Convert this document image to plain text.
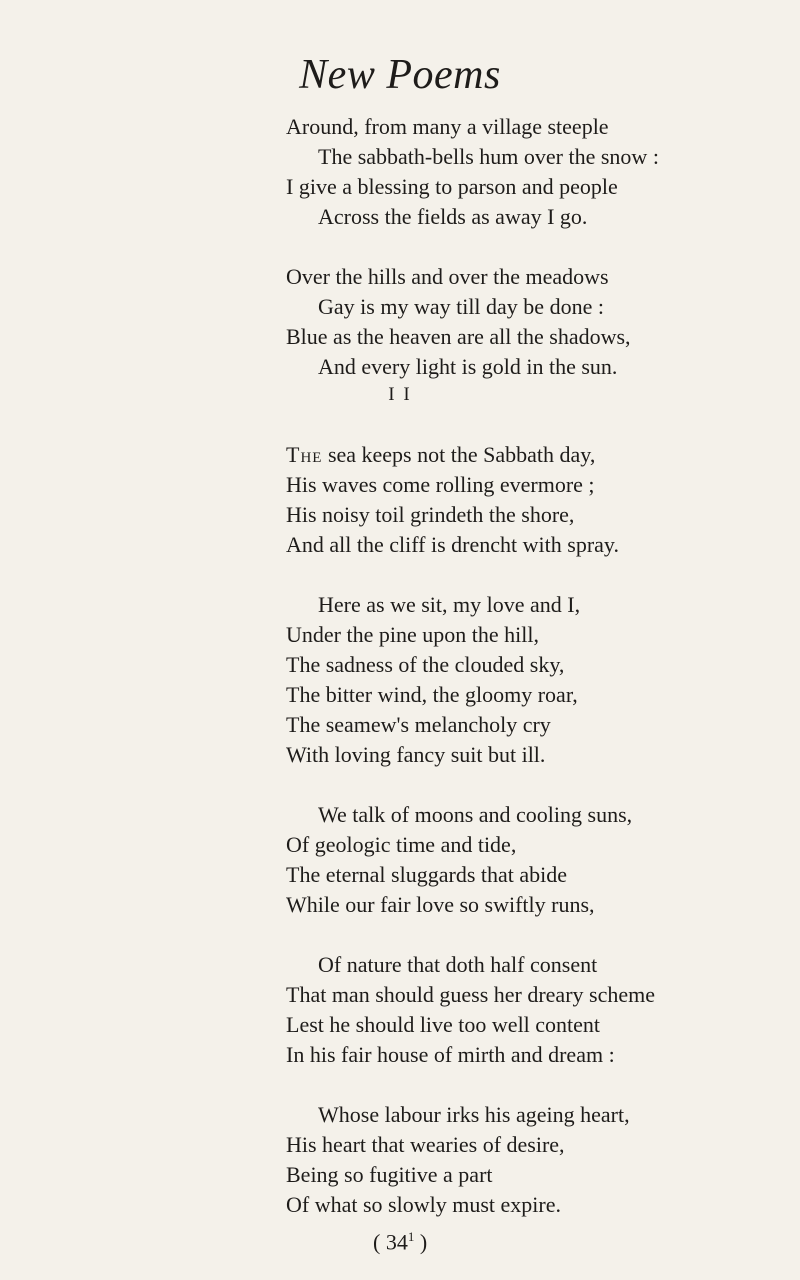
New Poems
Around, from many a village steeple
The sabbath-bells hum over the snow :
I give a blessing to parson and people
Across the fields as away I go.
Over the hills and over the meadows
Gay is my way till day be done :
Blue as the heaven are all the shadows,
And every light is gold in the sun.
I I
The sea keeps not the Sabbath day,
His waves come rolling evermore ;
His noisy toil grindeth the shore,
And all the cliff is drencht with spray.
Here as we sit, my love and I,
Under the pine upon the hill,
The sadness of the clouded sky,
The bitter wind, the gloomy roar,
The seamew's melancholy cry
With loving fancy suit but ill.
We talk of moons and cooling suns,
Of geologic time and tide,
The eternal sluggards that abide
While our fair love so swiftly runs,
Of nature that doth half consent
That man should guess her dreary scheme
Lest he should live too well content
In his fair house of mirth and dream :
Whose labour irks his ageing heart,
His heart that wearies of desire,
Being so fugitive a part
Of what so slowly must expire.
( $34^1$ )
